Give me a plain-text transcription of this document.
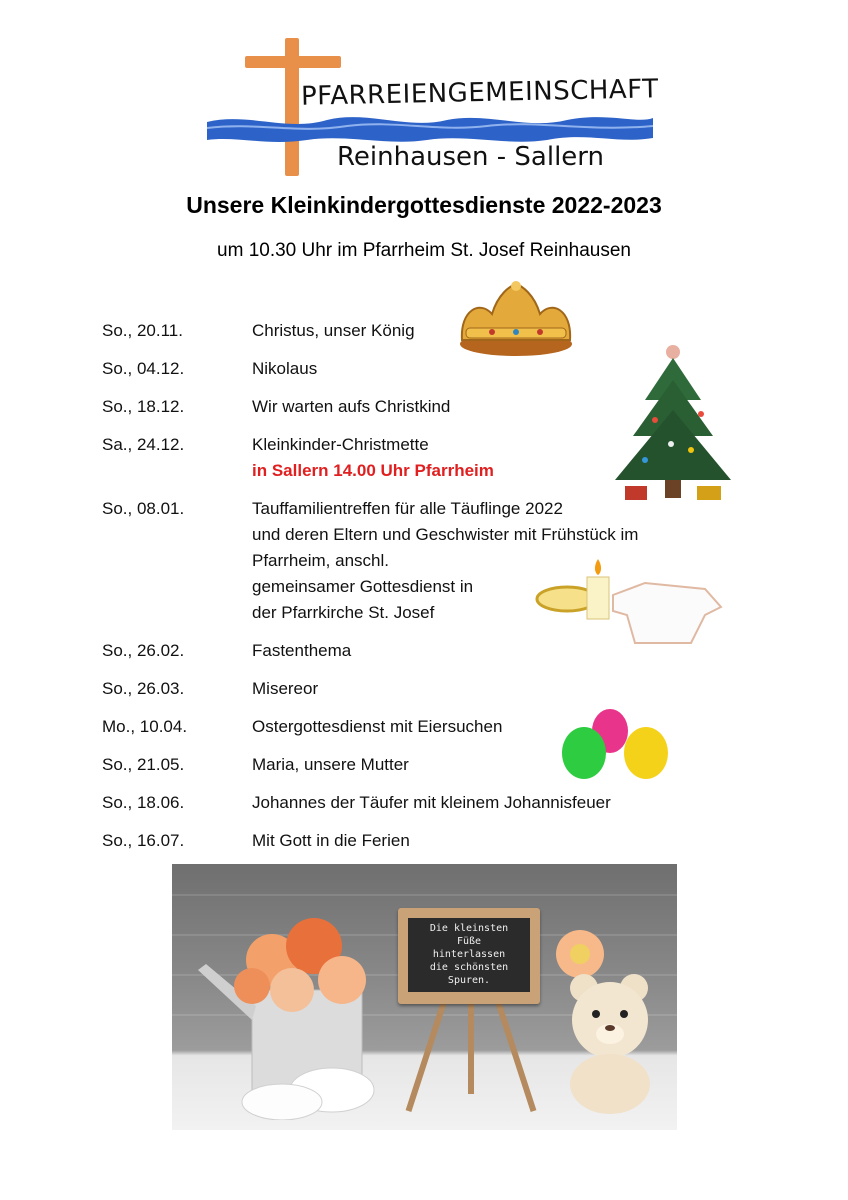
PFARREIENGEMEINSCHAFT
Reinhausen - Sallern
Unsere Kleinkindergottesdienste 2022-2023
um 10.30 Uhr im Pfarrheim St. Josef Reinhausen
So., 20.11.	Christus, unser König
So., 04.12.	Nikolaus
So., 18.12.	Wir warten aufs Christkind
Sa., 24.12.	Kleinkinder-Christmette
in Sallern 14.00 Uhr Pfarrheim
So., 08.01.	Tauffamilientreffen für alle Täuflinge 2022
und deren Eltern und Geschwister mit Frühstück im
Pfarrheim, anschl.
gemeinsamer Gottesdienst in
der Pfarrkirche St. Josef
So., 26.02.	Fastenthema
So., 26.03.	Misereor
Mo., 10.04.	Ostergottesdienst mit Eiersuchen
So., 21.05.	Maria, unsere Mutter
So., 18.06.	Johannes der Täufer mit kleinem Johannisfeuer
So., 16.07.	Mit Gott in die Ferien
Die kleinsten
Füße
hinterlassen
die schönsten
Spuren.
